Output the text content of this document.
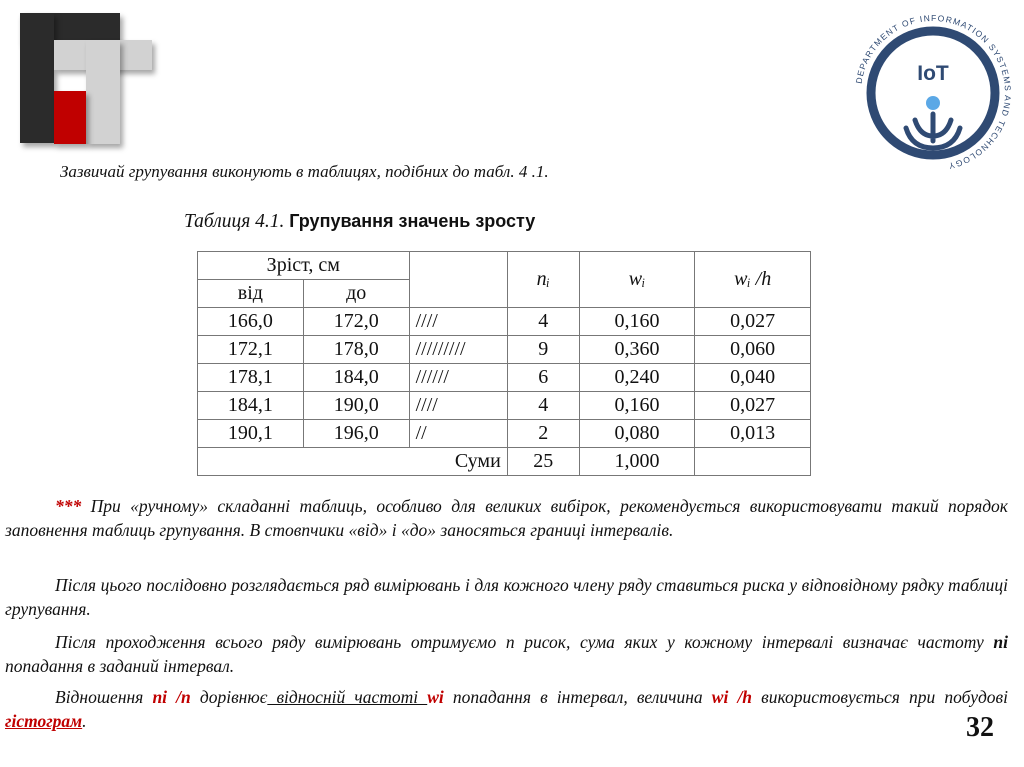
DEPARTMENT OF INFORMATION SYSTEMS AND TECHNOLOGY
IoT
Зазвичай групування виконують в таблицях, подібних до табл. 4 .1.
Таблиця 4.1. Групування значень зросту
Зріст, см			nᵢ	wᵢ	wᵢ /h
від	до				
166,0	172,0	////	4	0,160	0,027
172,1	178,0	/////////	9	0,360	0,060
178,1	184,0	//////	6	0,240	0,040
184,1	190,0	////	4	0,160	0,027
190,1	196,0	//	2	0,080	0,013
Суми			25	1,000	

*** При «ручному» складанні таблиць, особливо для великих вибірок, рекомендується використовувати такий порядок заповнення таблиць групування. В стовпчики «від» і «до» заносяться границі інтервалів.

Після цього послідовно розглядається ряд вимірювань і для кожного члену ряду ставиться риска у відповідному рядку таблиці групування.

Після проходження всього ряду вимірювань отримуємо n рисок, сума яких у кожному інтервалі визначає частоту ni попадання в заданий інтервал.

Відношення ni /n дорівнює відносній частоті wi попадання в інтервал, величина wi /h використовується при побудові гістограм.	32
